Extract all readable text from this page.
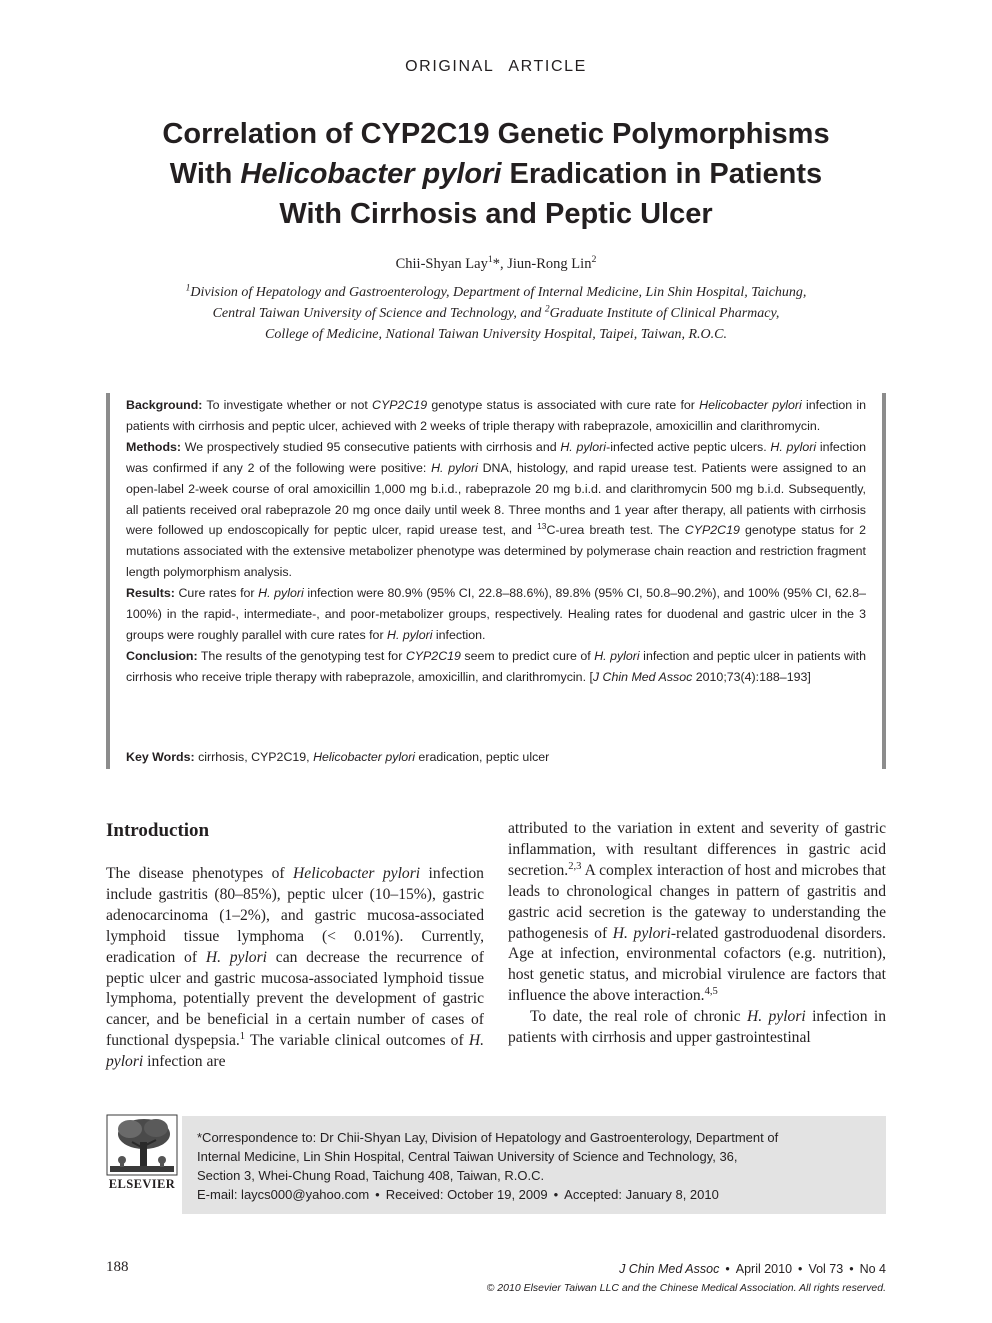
ORIGINAL ARTICLE
Correlation of CYP2C19 Genetic Polymorphisms
With Helicobacter pylori Eradication in Patients
With Cirrhosis and Peptic Ulcer
Chii-Shyan Lay$^1$*, Jiun-Rong Lin$^2$
$^1$Division of Hepatology and Gastroenterology, Department of Internal Medicine, Lin Shin Hospital, Taichung,
Central Taiwan University of Science and Technology, and $^2$Graduate Institute of Clinical Pharmacy,
College of Medicine, National Taiwan University Hospital, Taipei, Taiwan, R.O.C.

Background: To investigate whether or not CYP2C19 genotype status is associated with cure rate for Helicobacter pylori infection in patients with cirrhosis and peptic ulcer, achieved with 2 weeks of triple therapy with rabeprazole, amoxicillin and clarithromycin.

Methods: We prospectively studied 95 consecutive patients with cirrhosis and H. pylori-infected active peptic ulcers. H. pylori infection was confirmed if any 2 of the following were positive: H. pylori DNA, histology, and rapid urease test. Patients were assigned to an open-label 2-week course of oral amoxicillin 1,000 mg b.i.d., rabeprazole 20 mg b.i.d. and clarithromycin 500 mg b.i.d. Subsequently, all patients received oral rabeprazole 20 mg once daily until week 8. Three months and 1 year after therapy, all patients with cirrhosis were followed up endoscopically for peptic ulcer, rapid urease test, and $^{13}$C-urea breath test. The CYP2C19 genotype status for 2 mutations associated with the extensive metabolizer phenotype was determined by polymerase chain reaction and restriction fragment length polymorphism analysis.

Results: Cure rates for H. pylori infection were 80.9% (95% CI, 22.8–88.6%), 89.8% (95% CI, 50.8–90.2%), and 100% (95% CI, 62.8–100%) in the rapid-, intermediate-, and poor-metabolizer groups, respectively. Healing rates for duodenal and gastric ulcer in the 3 groups were roughly parallel with cure rates for H. pylori infection.

Conclusion: The results of the genotyping test for CYP2C19 seem to predict cure of H. pylori infection and peptic ulcer in patients with cirrhosis who receive triple therapy with rabeprazole, amoxicillin, and clarithromycin. [J Chin Med Assoc 2010;73(4):188–193]

Key Words: cirrhosis, CYP2C19, Helicobacter pylori eradication, peptic ulcer
Introduction

The disease phenotypes of Helicobacter pylori infection include gastritis (80–85%), peptic ulcer (10–15%), gastric adenocarcinoma (1–2%), and gastric mucosa-associated lymphoid tissue lymphoma (< 0.01%). Currently, eradication of H. pylori can decrease the recurrence of peptic ulcer and gastric mucosa-associated lymphoid tissue lymphoma, potentially prevent the development of gastric cancer, and be beneficial in a certain number of cases of functional dyspepsia.$^1$ The variable clinical outcomes of H. pylori infection are

attributed to the variation in extent and severity of gastric inflammation, with resultant differences in gastric acid secretion.$^{2,3}$ A complex interaction of host and microbes that leads to chronological changes in pattern of gastritis and gastric acid secretion is the gateway to understanding the pathogenesis of H. pylori-related gastroduodenal disorders. Age at infection, environmental cofactors (e.g. nutrition), host genetic status, and microbial virulence are factors that influence the above interaction.$^{4,5}$

To date, the real role of chronic H. pylori infection in patients with cirrhosis and upper gastrointestinal

ELSEVIER
*Correspondence to: Dr Chii-Shyan Lay, Division of Hepatology and Gastroenterology, Department of
Internal Medicine, Lin Shin Hospital, Central Taiwan University of Science and Technology, 36,
Section 3, Whei-Chung Road, Taichung 408, Taiwan, R.O.C.
E-mail: laycs000@yahoo.com • Received: October 19, 2009 • Accepted: January 8, 2010
188	J Chin Med Assoc • April 2010 • Vol 73 • No 4
© 2010 Elsevier Taiwan LLC and the Chinese Medical Association. All rights reserved.
